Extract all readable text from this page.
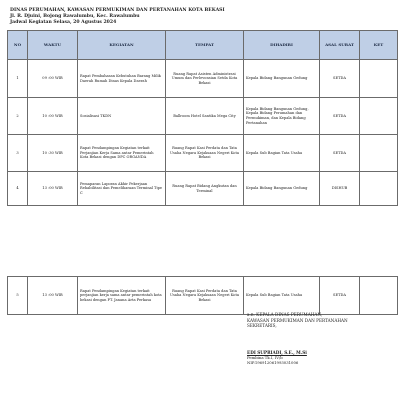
DINAS PERUMAHAN, KAWASAN PERMUKIMAN DAN PERTANAHAN KOTA BEKASI
Jl. R. Djuini, Bojong Rawalumbu, Kec. Rawalumbu
Jadwal Kegiatan Selasa, 20 Agustus 2024
NO	WAKTU	KEGIATAN	TEMPAT	DIHADIRI	ASAL SURAT	KET
1	09 :00 WIB	Rapat Pembahasan Kebutuhan Barang Milik Daerah Rumah Dinas Kepala Daerah	Ruang Rapat Asisten Administrasi Umum dan Perlevonsian Setda Kota Bekasi	Kepala Bidang Bangunan Gedung	SETDA	
2	10 :00 WIB	Sosialisasi TKDN	Ballroom Hotel Santika Mega City	Kepala Bidang Bangunan Gedung, Kepala Bidang Perumahan dan Permukiman, dan Kepala Bidang Pertanahan	SETDA	
3	10 :30 WIB	Rapat Pendampingan Kegiatan terkait Perjanjian Kerja Sama antar Pemerintah Kota Bekasi dengan DPC ORGANDA	Ruang Rapat Kasi Perdata dan Tata Usaha Negara Kejaksaan Negeri Kota Bekasi	Kepala Sub Bagian Tata Usaha	SETDA	
4	13 :00 WIB	Pemaparan Laporan Akhir Pekerjaan Rehabilitasi dan Pemeliharaan Terminal Tipe C	Ruang Rapat Bidang Angkutan dan Terminal	Kepala Bidang Bangunan Gedung	DISHUB	
5	13 :00 WIB	Rapat Pendampingan Kegiatan terkait perjanjian kerja sama antar pemerintah kota bekasi dengan PT. Janana Arta Perkasa	Ruang Rapat Kasi Perdata dan Tata Usaha Negara Kejaksaan Negeri Kota Bekasi	Kepala Sub Bagian Tata Usaha	SETDA	
a.n. KEPALA DINAS PERUMAHAN,
KAWASAN PERMUKIMAN DAN PERTANAHAN
SEKRETARIS,
EDI SUPRIADI, S.E., M.Si
Pembina Tk.I, IV/b
NIP.196912061993031006
